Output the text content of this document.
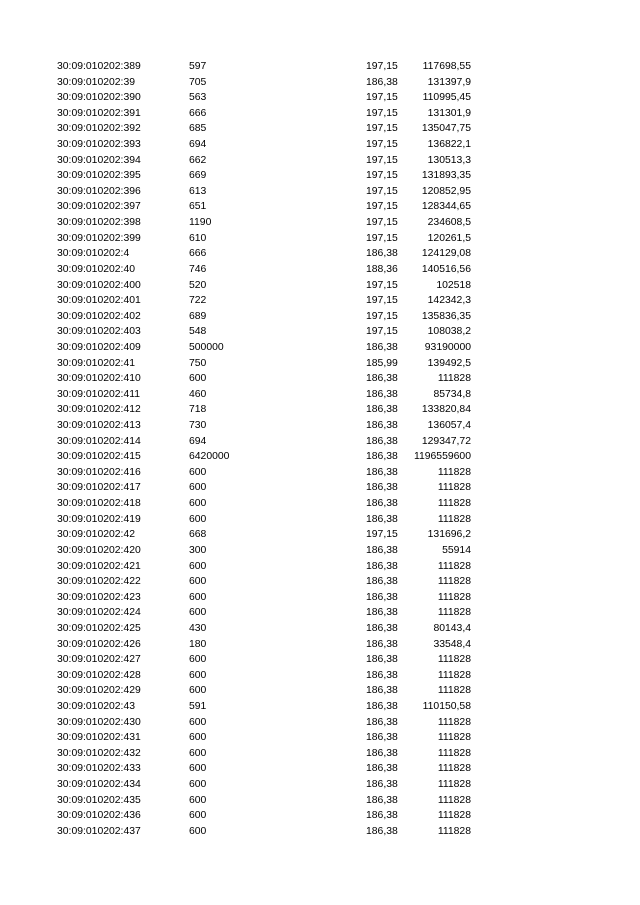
30:09:010202:389	597	197,15	117698,55
30:09:010202:39	705	186,38	131397,9
30:09:010202:390	563	197,15	110995,45
30:09:010202:391	666	197,15	131301,9
30:09:010202:392	685	197,15	135047,75
30:09:010202:393	694	197,15	136822,1
30:09:010202:394	662	197,15	130513,3
30:09:010202:395	669	197,15	131893,35
30:09:010202:396	613	197,15	120852,95
30:09:010202:397	651	197,15	128344,65
30:09:010202:398	1190	197,15	234608,5
30:09:010202:399	610	197,15	120261,5
30:09:010202:4	666	186,38	124129,08
30:09:010202:40	746	188,36	140516,56
30:09:010202:400	520	197,15	102518
30:09:010202:401	722	197,15	142342,3
30:09:010202:402	689	197,15	135836,35
30:09:010202:403	548	197,15	108038,2
30:09:010202:409	500000	186,38	93190000
30:09:010202:41	750	185,99	139492,5
30:09:010202:410	600	186,38	111828
30:09:010202:411	460	186,38	85734,8
30:09:010202:412	718	186,38	133820,84
30:09:010202:413	730	186,38	136057,4
30:09:010202:414	694	186,38	129347,72
30:09:010202:415	6420000	186,38	1196559600
30:09:010202:416	600	186,38	111828
30:09:010202:417	600	186,38	111828
30:09:010202:418	600	186,38	111828
30:09:010202:419	600	186,38	111828
30:09:010202:42	668	197,15	131696,2
30:09:010202:420	300	186,38	55914
30:09:010202:421	600	186,38	111828
30:09:010202:422	600	186,38	111828
30:09:010202:423	600	186,38	111828
30:09:010202:424	600	186,38	111828
30:09:010202:425	430	186,38	80143,4
30:09:010202:426	180	186,38	33548,4
30:09:010202:427	600	186,38	111828
30:09:010202:428	600	186,38	111828
30:09:010202:429	600	186,38	111828
30:09:010202:43	591	186,38	110150,58
30:09:010202:430	600	186,38	111828
30:09:010202:431	600	186,38	111828
30:09:010202:432	600	186,38	111828
30:09:010202:433	600	186,38	111828
30:09:010202:434	600	186,38	111828
30:09:010202:435	600	186,38	111828
30:09:010202:436	600	186,38	111828
30:09:010202:437	600	186,38	111828
